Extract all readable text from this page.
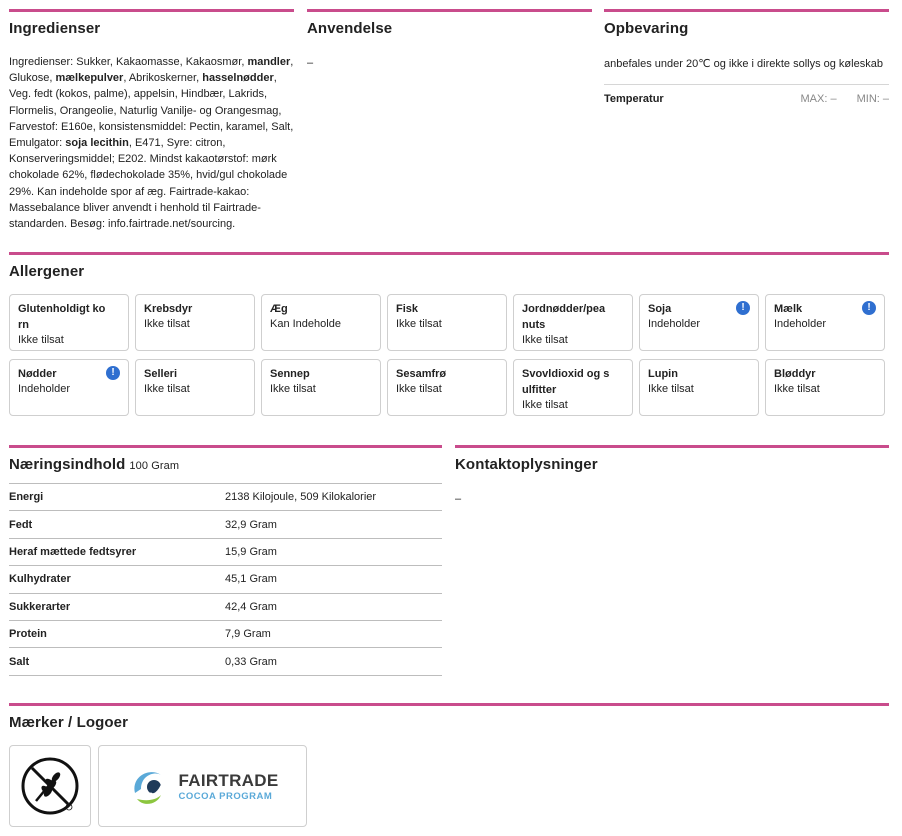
Ingredienser
Ingredienser: Sukker, Kakaomasse, Kakaosmør, mandler, Glukose, mælkepulver, Abrikoskerner, hasselnødder, Veg. fedt (kokos, palme), appelsin, Hindbær, Lakrids, Flormelis, Orangeolie, Naturlig Vanilje- og Orangesmag, Farvestof: E160e, konsistensmiddel: Pectin, karamel, Salt, Emulgator: soja lecithin, E471, Syre: citron, Konserveringsmiddel; E202. Mindst kakaotørstof: mørk chokolade 62%, flødechokolade 35%, hvid/gul chokolade 29%. Kan indeholde spor af æg. Fairtrade-kakao: Massebalance bliver anvendt i henhold til Fairtrade-standarden. Besøg: info.fairtrade.net/sourcing.
Anvendelse
–
Opbevaring
anbefales under 20℃ og ikke i direkte sollys og køleskab
Temperatur	MAX: – MIN: –
Allergener
Glutenholdigt korn
Ikke tilsat
Krebsdyr
Ikke tilsat
Æg
Kan Indeholde
Fisk
Ikke tilsat
Jordnødder/peanuts
Ikke tilsat
Soja
Indeholder
!	Mælk
Indeholder
!
Nødder
Indeholder
!	Selleri
Ikke tilsat
Sennep
Ikke tilsat
Sesamfrø
Ikke tilsat
Svovldioxid og sulfitter
Ikke tilsat
Lupin
Ikke tilsat
Bløddyr
Ikke tilsat
Næringsindhold 100 Gram
Energi	2138 Kilojoule, 509 Kilokalorier
Fedt	32,9 Gram
Heraf mættede fedtsyrer	15,9 Gram
Kulhydrater	45,1 Gram
Sukkerarter	42,4 Gram
Protein	7,9 Gram
Salt	0,33 Gram
Kontaktoplysninger
–
Mærker / Logoer
FAIRTRADE
COCOA PROGRAM
